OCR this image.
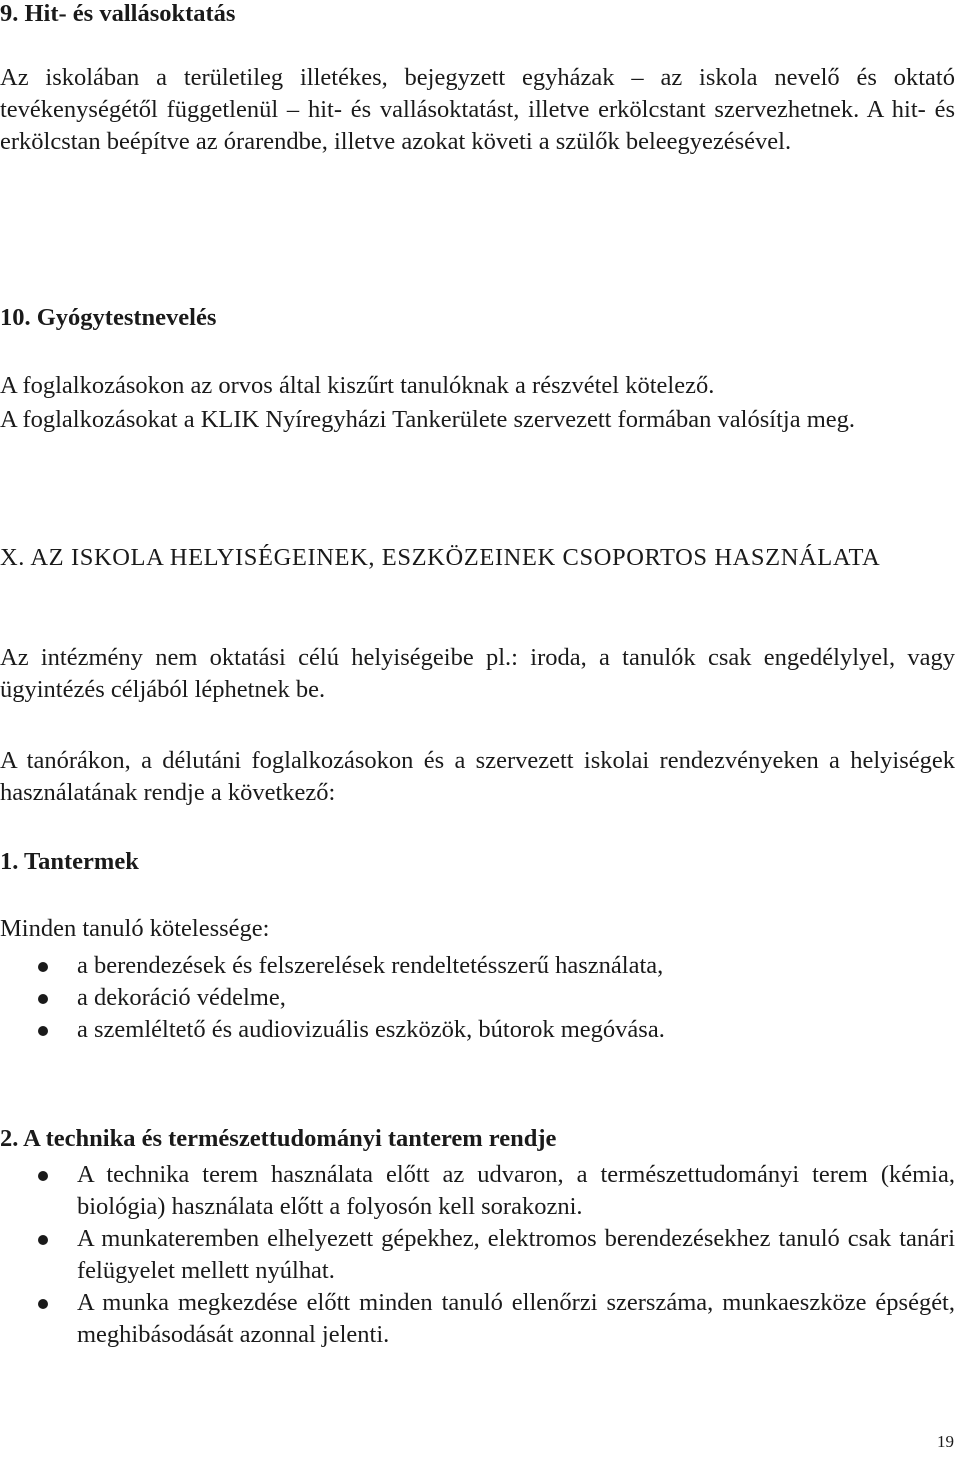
9. Hit- és vallásoktatás

Az iskolában a területileg illetékes, bejegyzett egyházak – az iskola nevelő és oktató tevékenységétől függetlenül – hit- és vallásoktatást, illetve erkölcstant szervezhetnek. A hit- és erkölcstan beépítve az órarendbe, illetve azokat követi a szülők beleegyezésével.

10. Gyógytestnevelés

A foglalkozásokon az orvos által kiszűrt tanulóknak a részvétel kötelező.

A foglalkozásokat a KLIK Nyíregyházi Tankerülete szervezett formában valósítja meg.

X. AZ ISKOLA HELYISÉGEINEK, ESZKÖZEINEK CSOPORTOS HASZNÁLATA

Az intézmény nem oktatási célú helyiségeibe pl.: iroda, a tanulók csak engedélylyel, vagy ügyintézés céljából léphetnek be.

A tanórákon, a délutáni foglalkozásokon és a szervezett iskolai rendezvényeken a helyiségek használatának rendje a következő:

1. Tantermek

Minden tanuló kötelessége:

a berendezések és felszerelések rendeltetésszerű használata,
a dekoráció védelme,
a szemléltető és audiovizuális eszközök, bútorok megóvása.
2. A technika és természettudományi tanterem rendje
A technika terem használata előtt az udvaron, a természettudományi terem (kémia, biológia) használata előtt a folyosón kell sorakozni.
A munkateremben elhelyezett gépekhez, elektromos berendezésekhez tanuló csak tanári felügyelet mellett nyúlhat.
A munka megkezdése előtt minden tanuló ellenőrzi szerszáma, munkaeszköze épségét, meghibásodását azonnal jelenti.
19
